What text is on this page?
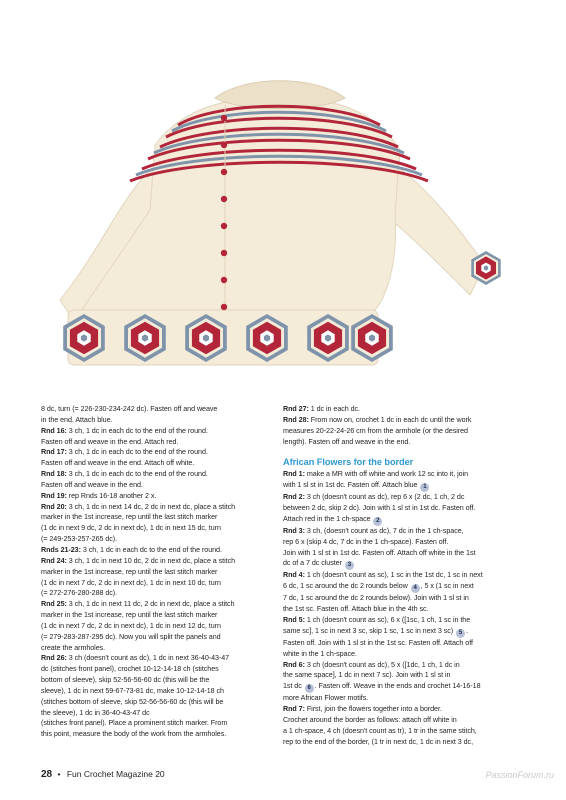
8 dc, turn (= 226-230-234-242 dc). Fasten off and weave
in the end. Attach blue.
Rnd 16: 3 ch, 1 dc in each dc to the end of the round.
Fasten off and weave in the end. Attach red.
Rnd 17: 3 ch, 1 dc in each dc to the end of the round.
Fasten off and weave in the end. Attach off white.
Rnd 18: 3 ch, 1 dc in each dc to the end of the round.
Fasten off and weave in the end.
Rnd 19: rep Rnds 16-18 another 2 x.
Rnd 20: 3 ch, 1 dc in next 14 dc, 2 dc in next dc, place a stitch
marker in the 1st increase, rep until the last stitch marker
(1 dc in next 9 dc, 2 dc in next dc), 1 dc in next 15 dc, turn
(= 249-253-257-265 dc).
Rnds 21-23: 3 ch, 1 dc in each dc to the end of the round.
Rnd 24: 3 ch, 1 dc in next 10 dc, 2 dc in next dc, place a stitch
marker in the 1st increase, rep until the last stitch marker
(1 dc in next 7 dc, 2 dc in next dc), 1 dc in next 10 dc, turn
(= 272-276-280-288 dc).
Rnd 25: 3 ch, 1 dc in next 11 dc, 2 dc in next dc, place a stitch
marker in the 1st increase, rep until the last stitch marker
(1 dc in next 7 dc, 2 dc in next dc), 1 dc in next 12 dc, turn
(= 279-283-287-295 dc). Now you will split the panels and
create the armholes.
Rnd 26: 3 ch (doesn't count as dc), 1 dc in next 36-40-43-47
dc (stitches front panel), crochet 10-12-14-18 ch (stitches
bottom of sleeve), skip 52-56-56-60 dc (this will be the
sleeve), 1 dc in next 59-67-73-81 dc, make 10-12-14-18 ch
(stitches bottom of sleeve, skip 52-56-56-60 dc (this will be
the sleeve), 1 dc in 36-40-43-47 dc
(stitches front panel). Place a prominent stitch marker. From
this point, measure the body of the work from the armholes.
Rnd 27: 1 dc in each dc.
Rnd 28: From now on, crochet 1 dc in each dc until the work
measures 20-22-24-26 cm from the armhole (or the desired
length). Fasten off and weave in the end.
African Flowers for the border
Rnd 1: make a MR with off white and work 12 sc into it, join
with 1 sl st in 1st dc. Fasten off. Attach blue 1
Rnd 2: 3 ch (doesn't count as dc), rep 6 x (2 dc, 1 ch, 2 dc
between 2 dc, skip 2 dc). Join with 1 sl st in 1st dc. Fasten off.
Attach red in the 1 ch-space 2
Rnd 3: 3 ch, (doesn't count as dc), 7 dc in the 1 ch-space,
rep 6 x (skip 4 dc, 7 dc in the 1 ch-space). Fasten off.
Join with 1 sl st in 1st dc. Fasten off. Attach off white in the 1st
dc of a 7 dc cluster 3
Rnd 4: 1 ch (doesn't count as sc), 1 sc in the 1st dc, 1 sc in next
6 dc, 1 sc around the dc 2 rounds below 4 , 5 x (1 sc in next
7 dc, 1 sc around the dc 2 rounds below). Join with 1 sl st in
the 1st sc. Fasten off. Attach blue in the 4th sc.
Rnd 5: 1 ch (doesn't count as sc), 6 x ([1sc, 1 ch, 1 sc in the
same sc], 1 sc in next 3 sc, skip 1 sc, 1 sc in next 3 sc) 5 .
Fasten off. Join with 1 sl st in the 1st sc. Fasten off. Attach off
white in the 1 ch-space.
Rnd 6: 3 ch (doesn't count as dc), 5 x ([1dc, 1 ch, 1 dc in
the same space], 1 dc in next 7 sc). Join with 1 sl st in
1st dc 6 . Fasten off. Weave in the ends and crochet 14-16-18
more African Flower motifs.
Rnd 7: First, join the flowers together into a border.
Crochet around the border as follows: attach off white in
a 1 ch-space, 4 ch (doesn't count as tr), 1 tr in the same stitch,
rep to the end of the border, (1 tr in next dc, 1 dc in next 3 dc,
28 • Fun Crochet Magazine 20	PassionForum.ru
